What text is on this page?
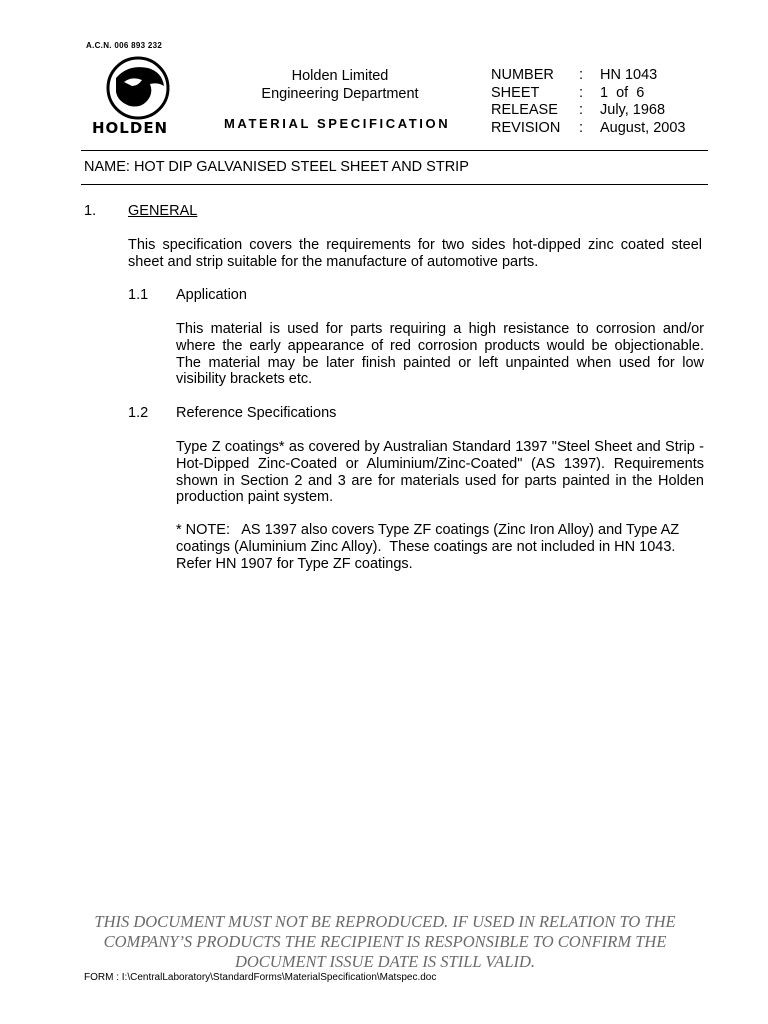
A.C.N. 006 893 232
HOLDEN
Holden Limited
Engineering Department
MATERIAL SPECIFICATION
NUMBER	:	HN 1043
SHEET	:	1  of  6
RELEASE	:	July, 1968
REVISION	:	August, 2003
NAME: HOT DIP GALVANISED STEEL SHEET AND STRIP
1. GENERAL
This specification covers the requirements for two sides hot-dipped zinc coated steel sheet and strip suitable for the manufacture of automotive parts.
1.1 Application
This material is used for parts requiring a high resistance to corrosion and/or where the early appearance of red corrosion products would be objectionable. The material may be later finish painted or left unpainted when used for low visibility brackets etc.
1.2 Reference Specifications
Type Z coatings* as covered by Australian Standard 1397 "Steel Sheet and Strip - Hot-Dipped Zinc-Coated or Aluminium/Zinc-Coated" (AS 1397). Requirements shown in Section 2 and 3 are for materials used for parts painted in the Holden production paint system.
* NOTE:   AS 1397 also covers Type ZF coatings (Zinc Iron Alloy) and Type AZ coatings (Aluminium Zinc Alloy).  These coatings are not included in HN 1043.  Refer HN 1907 for Type ZF coatings.
THIS DOCUMENT MUST NOT BE REPRODUCED. IF USED IN RELATION TO THE COMPANY’S PRODUCTS THE RECIPIENT IS RESPONSIBLE TO CONFIRM THE DOCUMENT ISSUE DATE IS STILL VALID.
FORM : I:\CentralLaboratory\StandardForms\MaterialSpecification\Matspec.doc
